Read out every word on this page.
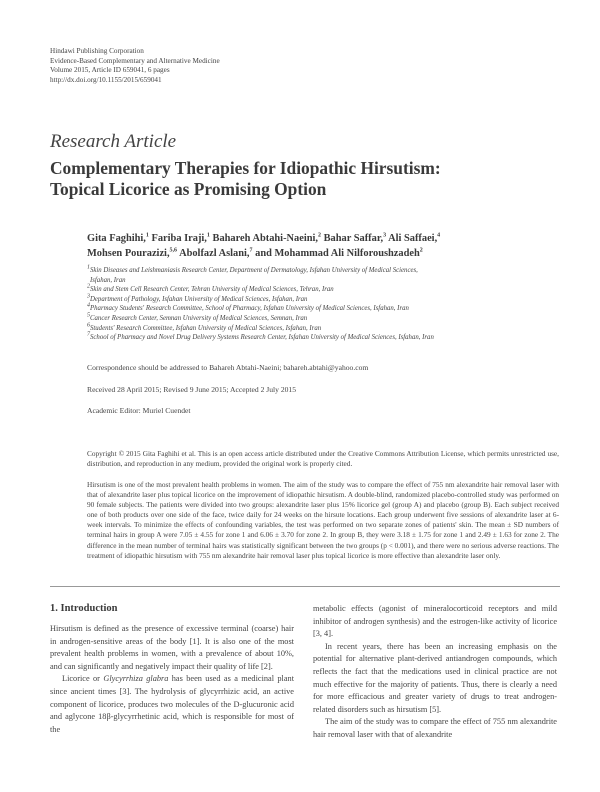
Hindawi Publishing Corporation
Evidence-Based Complementary and Alternative Medicine
Volume 2015, Article ID 659041, 6 pages
http://dx.doi.org/10.1155/2015/659041
Research Article
Complementary Therapies for Idiopathic Hirsutism:
Topical Licorice as Promising Option
Gita Faghihi,$^1$ Fariba Iraji,$^1$ Bahareh Abtahi-Naeini,$^2$ Bahar Saffar,$^3$ Ali Saffaei,$^4$
Mohsen Pourazizi,$^{5,6}$ Abolfazl Aslani,$^7$ and Mohammad Ali Nilforoushzadeh$^2$
$^1$Skin Diseases and Leishmaniasis Research Center, Department of Dermatology, Isfahan University of Medical Sciences,
Isfahan, Iran
$^2$Skin and Stem Cell Research Center, Tehran University of Medical Sciences, Tehran, Iran
$^3$Department of Pathology, Isfahan University of Medical Sciences, Isfahan, Iran
$^4$Pharmacy Students' Research Committee, School of Pharmacy, Isfahan University of Medical Sciences, Isfahan, Iran
$^5$Cancer Research Center, Semnan University of Medical Sciences, Semnan, Iran
$^6$Students' Research Committee, Isfahan University of Medical Sciences, Isfahan, Iran
$^7$School of Pharmacy and Novel Drug Delivery Systems Research Center, Isfahan University of Medical Sciences, Isfahan, Iran
Correspondence should be addressed to Bahareh Abtahi-Naeini; bahareh.abtahi@yahoo.com
Received 28 April 2015; Revised 9 June 2015; Accepted 2 July 2015
Academic Editor: Muriel Cuendet
Copyright © 2015 Gita Faghihi et al. This is an open access article distributed under the Creative Commons Attribution License, which permits unrestricted use, distribution, and reproduction in any medium, provided the original work is properly cited.
Hirsutism is one of the most prevalent health problems in women. The aim of the study was to compare the effect of 755 nm alexandrite hair removal laser with that of alexandrite laser plus topical licorice on the improvement of idiopathic hirsutism. A double-blind, randomized placebo-controlled study was performed on 90 female subjects. The patients were divided into two groups: alexandrite laser plus 15% licorice gel (group A) and placebo (group B). Each subject received one of both products over one side of the face, twice daily for 24 weeks on the hirsute locations. Each group underwent five sessions of alexandrite laser at 6-week intervals. To minimize the effects of confounding variables, the test was performed on two separate zones of patients' skin. The mean ± SD numbers of terminal hairs in group A were 7.05 ± 4.55 for zone 1 and 6.06 ± 3.70 for zone 2. In group B, they were 3.18 ± 1.75 for zone 1 and 2.49 ± 1.63 for zone 2. The difference in the mean number of terminal hairs was statistically significant between the two groups (p < 0.001), and there were no serious adverse reactions. The treatment of idiopathic hirsutism with 755 nm alexandrite hair removal laser plus topical licorice is more effective than alexandrite laser only.
1. Introduction

Hirsutism is defined as the presence of excessive terminal (coarse) hair in androgen-sensitive areas of the body [1]. It is also one of the most prevalent health problems in women, with a prevalence of about 10%, and can significantly and negatively impact their quality of life [2].

Licorice or Glycyrrhiza glabra has been used as a medicinal plant since ancient times [3]. The hydrolysis of glycyrrhizic acid, an active component of licorice, produces two molecules of the D-glucuronic acid and aglycone 18β-glycyrrhetinic acid, which is responsible for most of the

metabolic effects (agonist of mineralocorticoid receptors and mild inhibitor of androgen synthesis) and the estrogen-like activity of licorice [3, 4].

In recent years, there has been an increasing emphasis on the potential for alternative plant-derived antiandrogen compounds, which reflects the fact that the medications used in clinical practice are not much effective for the majority of patients. Thus, there is clearly a need for more efficacious and greater variety of drugs to treat androgen-related disorders such as hirsutism [5].

The aim of the study was to compare the effect of 755 nm alexandrite hair removal laser with that of alexandrite
